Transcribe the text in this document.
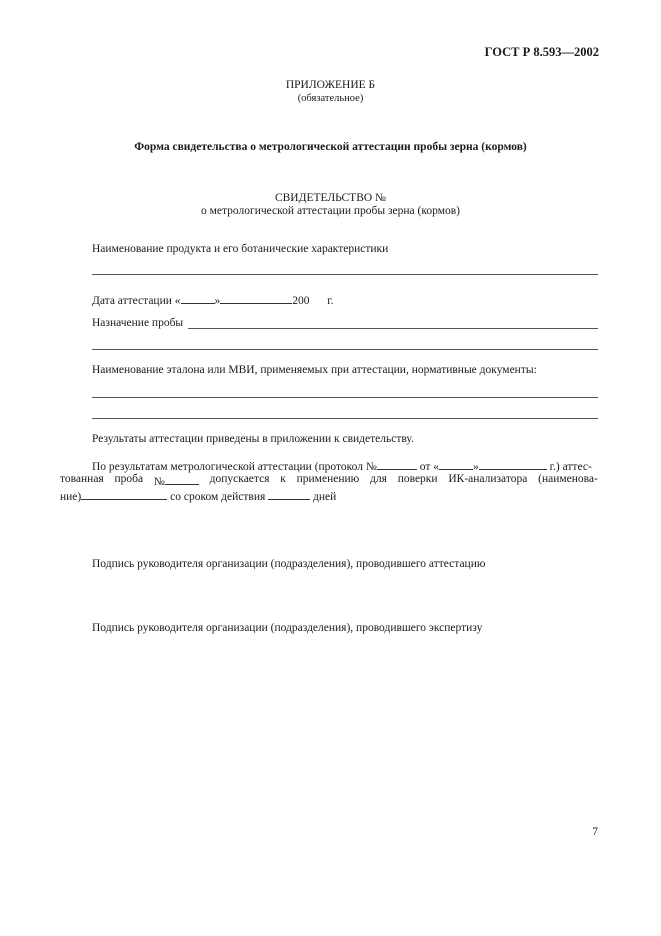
ГОСТ Р 8.593—2002
ПРИЛОЖЕНИЕ Б
(обязательное)
Форма свидетельства о метрологической аттестации пробы зерна (кормов)
СВИДЕТЕЛЬСТВО №
о метрологической аттестации пробы зерна (кормов)
Наименование продукта и его ботанические характеристики
Дата аттестации «	»	200 г.
Назначение пробы
Наименование эталона или МВИ, применяемых при аттестации, нормативные документы:
Результаты аттестации приведены в приложении к свидетельству.
По результатам метрологической аттестации (протокол №	от «	»	г.) аттес-
тованная проба №	допускается к применению для поверки ИК-анализатора (наименова-
ние)	со сроком действия	дней
Подпись руководителя организации (подразделения), проводившего аттестацию
Подпись руководителя организации (подразделения), проводившего экспертизу
7
